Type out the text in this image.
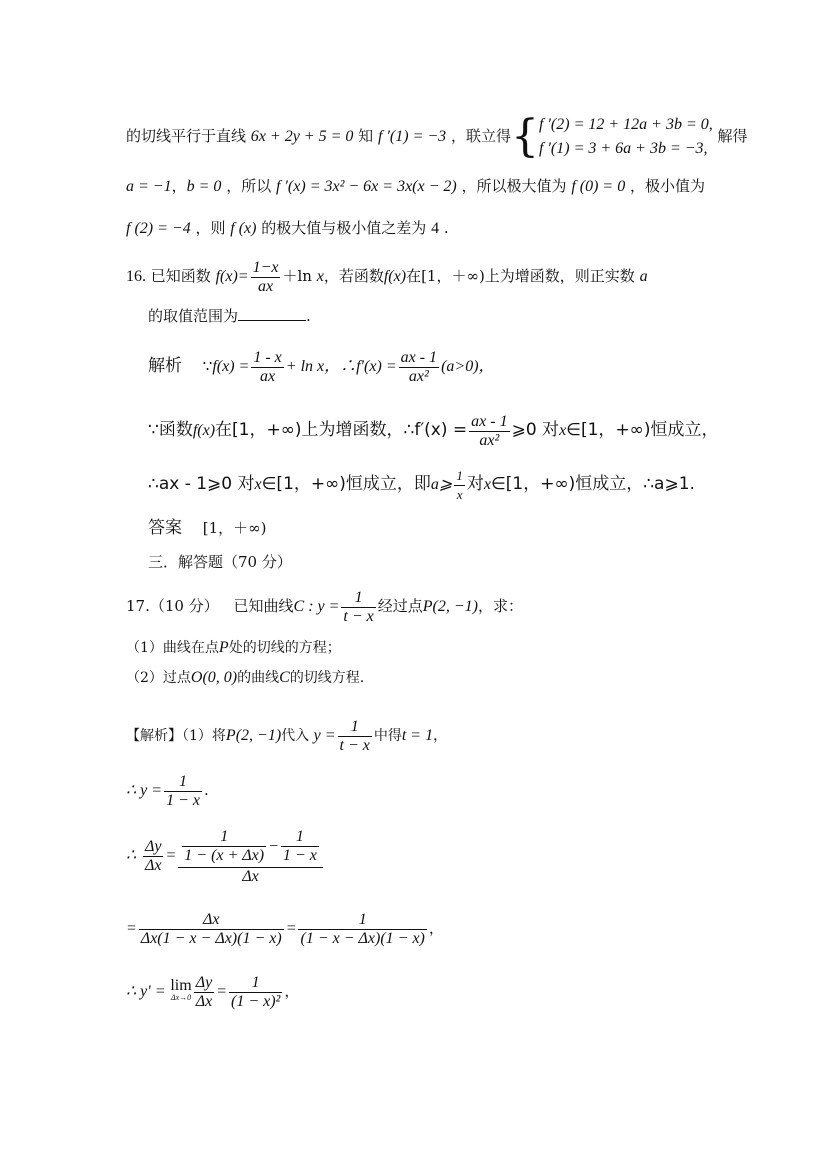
的切线平行于直线 6x + 2y + 5 = 0 知 f ′(1) = −3 ，联立得{ f ′(2) = 12 + 12a + 3b = 0,
f ′(1) = 3 + 6a + 3b = −3,
解得
a = −1，b = 0 ，所以 f ′(x) = 3x² − 6x = 3x(x − 2) ，所以极大值为 f (0) = 0 ，极小值为
f (2) = −4 ，则 f (x) 的极大值与极小值之差为 4 .
16. 已知函数 $f(x)= \frac{1-x}{ax} +\ln$ x，若函数f(x)在[1，＋∞)上为增函数，则正实数 a
的取值范围为	.
解析 ∵f(x) = $\frac{1 - x}{ax} + \ln x$，∴f′(x) = $\frac{ax - 1}{\text{ax²}} (a>0)$，
∵函数f(x)在[1，+∞)上为增函数，∴f′(x) = $\frac{ax - 1}{\text{ax²}}$ ⩾0 对x∈[1，+∞)恒成立，
∴ax - 1⩾0 对x∈[1，+∞)恒成立，即a⩾ $\frac{1}{x}$ 对x∈[1，+∞)恒成立，∴a⩾1.
答案 [1，＋∞)
三．解答题（70 分）
17.（10 分） 已知曲线C : $y = \frac{1}{t - x}$ 经过点P(2, −1)，求：
（1）曲线在点P处的切线的方程；
（2）过点O(0, 0)的曲线C的切线方程.
【解析】（1）将P(2, −1)代入 $y = \frac{1}{t - x}$ 中得t = 1，
∴ $y = \frac{1}{1 - x}$ .
∴ $\frac{\Delta y}{\Delta x} = \frac{\frac{1}{1 - (x + \Delta x)} - \frac{1}{1 - x}}{\Delta x}$
= $\frac{\Delta x}{\Delta x(1 - x - \Delta x)(1 - x)} = \frac{1}{(1 - x - \Delta x)(1 - x)}$ ，
∴ y′ = lim
$\Delta x\to 0 \frac{\Delta y}{\Delta x} = \frac{1}{\text{(1 − x)²}}$ ，
